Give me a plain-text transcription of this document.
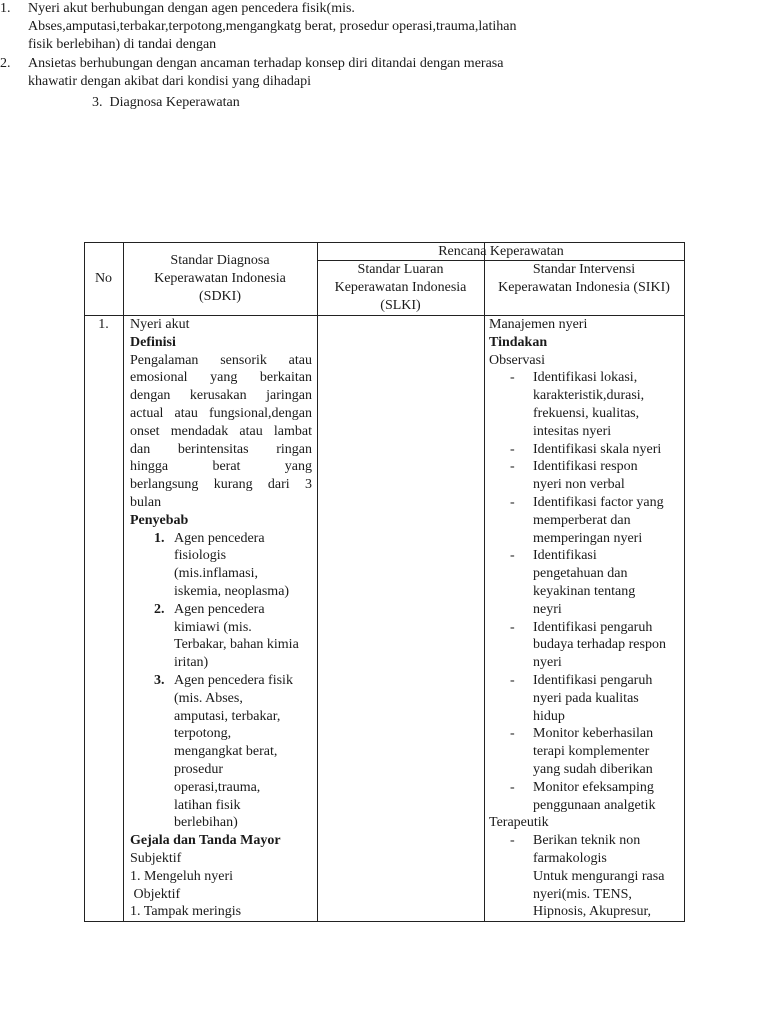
3. Diagnosa Keperawatan
1. Nyeri akut berhubungan dengan agen pencedera fisik(mis.
Abses,amputasi,terbakar,terpotong,mengangkatg berat, prosedur operasi,trauma,latihan
fisik berlebihan) di tandai dengan
2. Ansietas berhubungan dengan ancaman terhadap konsep diri ditandai dengan merasa
khawatir dengan akibat dari kondisi yang dihadapi
No
Standar Diagnosa
Keperawatan Indonesia
(SDKI)
Rencana Keperawatan
Standar Luaran
Keperawatan Indonesia
(SLKI)
Standar Intervensi
Keperawatan Indonesia (SIKI)
1.	Nyeri akut
Definisi
Pengalaman sensorik atau
emosional yang berkaitan
dengan kerusakan jaringan
actual atau fungsional,dengan
onset mendadak atau lambat
dan berintensitas ringan
hingga berat yang
berlangsung kurang dari 3
bulan
Penyebab
1. Agen pencedera
fisiologis
(mis.inflamasi,
iskemia, neoplasma)
2. Agen pencedera
kimiawi (mis.
Terbakar, bahan kimia
iritan)
3. Agen pencedera fisik
(mis. Abses,
amputasi, terbakar,
terpotong,
mengangkat berat,
prosedur
operasi,trauma,
latihan fisik
berlebihan)
Gejala dan Tanda Mayor
Subjektif
1. Mengeluh nyeri
Objektif
1. Tampak meringis
Manajemen nyeri
Tindakan
Observasi
- Identifikasi lokasi,
karakteristik,durasi,
frekuensi, kualitas,
intesitas nyeri
- Identifikasi skala nyeri
- Identifikasi respon
nyeri non verbal
- Identifikasi factor yang
memperberat dan
memperingan nyeri
- Identifikasi
pengetahuan dan
keyakinan tentang
neyri
- Identifikasi pengaruh
budaya terhadap respon
nyeri
- Identifikasi pengaruh
nyeri pada kualitas
hidup
- Monitor keberhasilan
terapi komplementer
yang sudah diberikan
- Monitor efeksamping
penggunaan analgetik
Terapeutik
- Berikan teknik non
farmakologis
Untuk mengurangi rasa
nyeri(mis. TENS,
Hipnosis, Akupresur,
